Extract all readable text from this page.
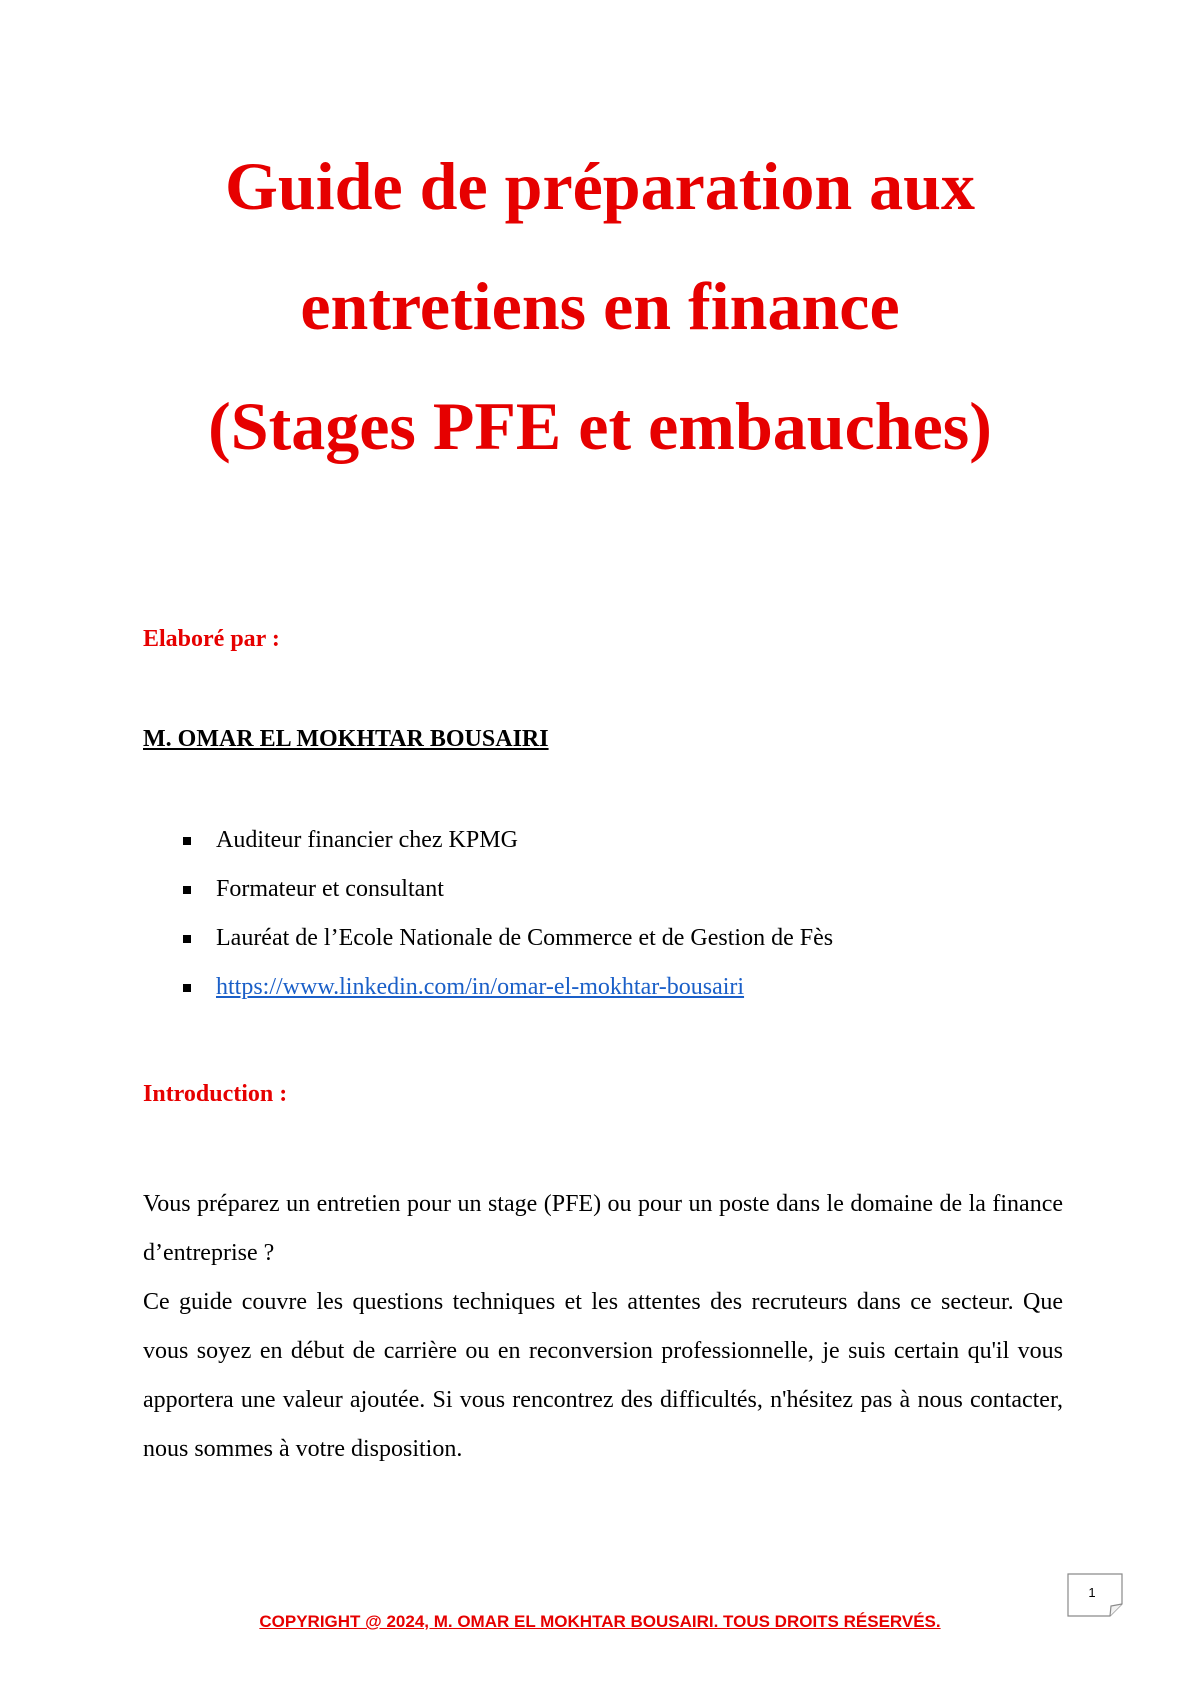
Guide de préparation aux
entretiens en finance
(Stages PFE et embauches)

Elaboré par :

M. OMAR EL MOKHTAR BOUSAIRI

Auditeur financier chez KPMG
Formateur et consultant
Lauréat de l’Ecole Nationale de Commerce et de Gestion de Fès
https://www.linkedin.com/in/omar-el-mokhtar-bousairi

Introduction :

Vous préparez un entretien pour un stage (PFE) ou pour un poste dans le domaine de la finance d’entreprise ?

Ce guide couvre les questions techniques et les attentes des recruteurs dans ce secteur. Que vous soyez en début de carrière ou en reconversion professionnelle, je suis certain qu'il vous apportera une valeur ajoutée. Si vous rencontrez des difficultés, n'hésitez pas à nous contacter, nous sommes à votre disposition.

1

COPYRIGHT @ 2024, M. OMAR EL MOKHTAR BOUSAIRI. TOUS DROITS RÉSERVÉS.
